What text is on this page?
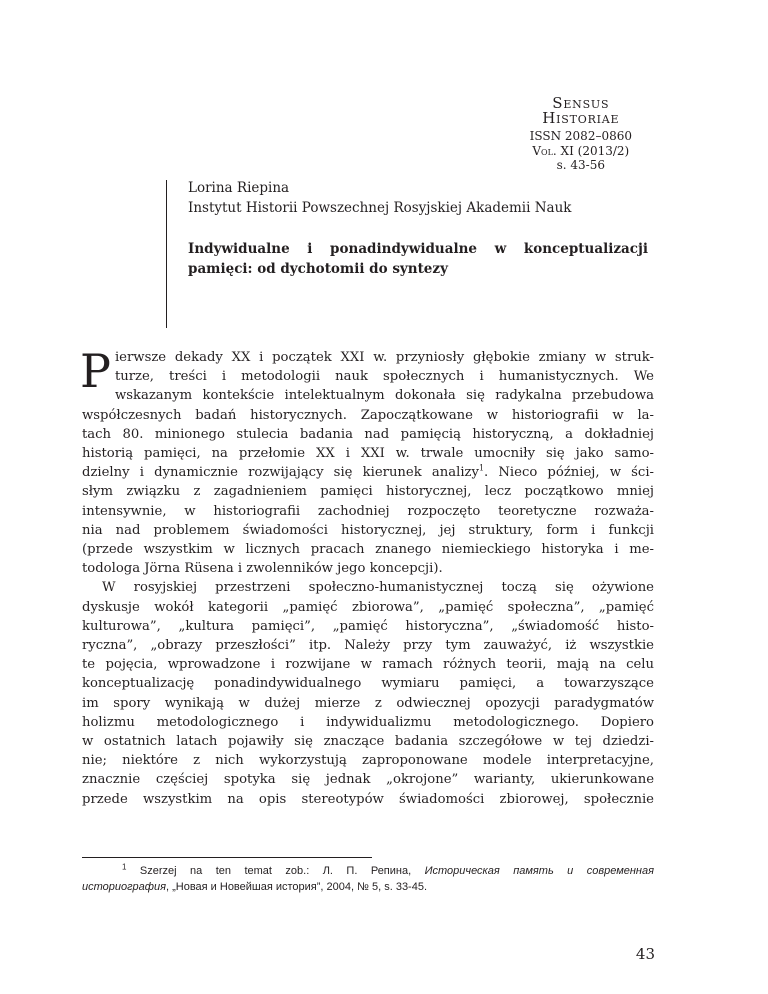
Sensus
Historiae
ISSN 2082–0860
Vol. XI (2013/2)
s. 43-56
Lorina Riepina
Instytut Historii Powszechnej Rosyjskiej Akademii Nauk
Indywidualne i ponadindywidualne w konceptualizacji pamięci: od dychotomii do syntezy
P ierwsze dekady XX i początek XXI w. przyniosły głębokie zmiany w struk-
turze, treści i metodologii nauk społecznych i humanistycznych. We
wskazanym kontekście intelektualnym dokonała się radykalna przebudowa
współczesnych badań historycznych. Zapoczątkowane w historiografii w la-
tach 80. minionego stulecia badania nad pamięcią historyczną, a dokładniej
historią pamięci, na przełomie XX i XXI w. trwale umocniły się jako samo-
dzielny i dynamicznie rozwijający się kierunek analizy$^1$. Nieco później, w ści-
słym związku z zagadnieniem pamięci historycznej, lecz początkowo mniej
intensywnie, w historiografii zachodniej rozpoczęto teoretyczne rozważa-
nia nad problemem świadomości historycznej, jej struktury, form i funkcji
(przede wszystkim w licznych pracach znanego niemieckiego historyka i me-
todologa Jörna Rüsena i zwolenników jego koncepcji).
W rosyjskiej przestrzeni społeczno-humanistycznej toczą się ożywione
dyskusje wokół kategorii „pamięć zbiorowa”, „pamięć społeczna”, „pamięć
kulturowa”, „kultura pamięci”, „pamięć historyczna”, „świadomość histo-
ryczna”, „obrazy przeszłości” itp. Należy przy tym zauważyć, iż wszystkie
te pojęcia, wprowadzone i rozwijane w ramach różnych teorii, mają na celu
konceptualizację ponadindywidualnego wymiaru pamięci, a towarzyszące
im spory wynikają w dużej mierze z odwiecznej opozycji paradygmatów
holizmu metodologicznego i indywidualizmu metodologicznego. Dopiero
w ostatnich latach pojawiły się znaczące badania szczegółowe w tej dziedzi-
nie; niektóre z nich wykorzystują zaproponowane modele interpretacyjne,
znacznie częściej spotyka się jednak „okrojone” warianty, ukierunkowane
przede wszystkim na opis stereotypów świadomości zbiorowej, społecznie
$^1$ Szerzej na ten temat zob.: Л. П. Репина, Историческая память и современная
историография, „Новая и Новейшая история”, 2004, № 5, s. 33-45.
43
